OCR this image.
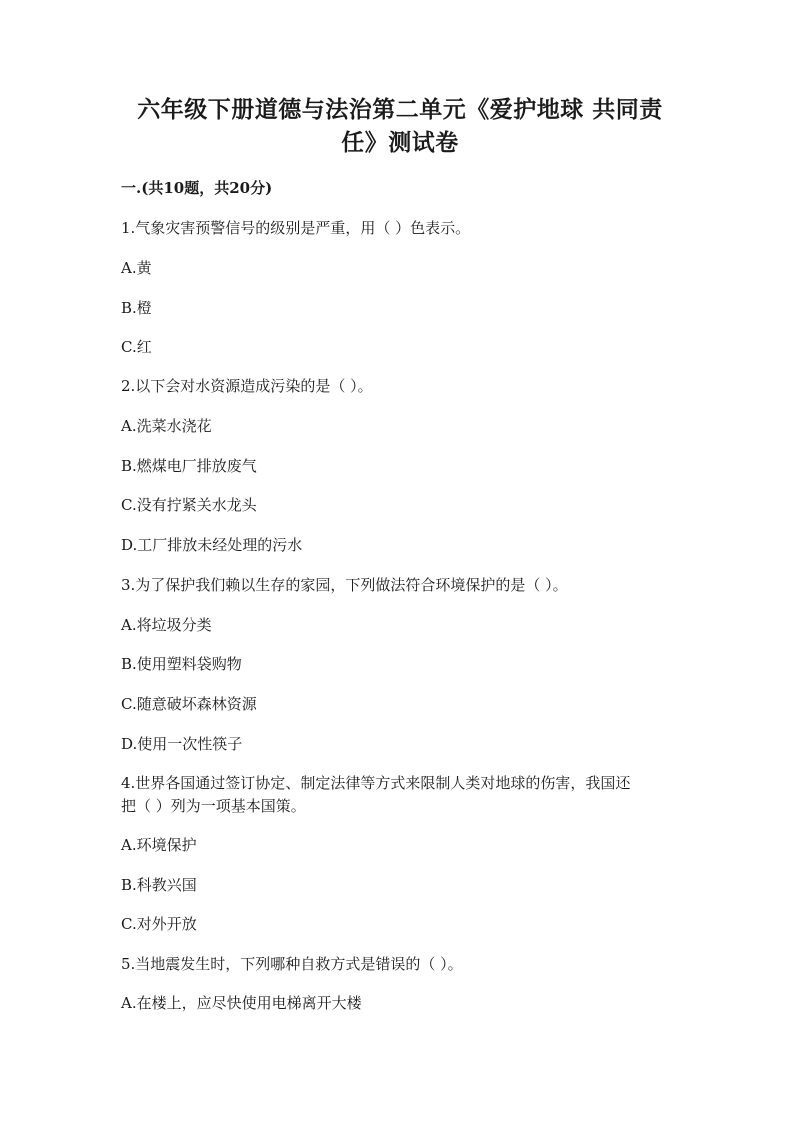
六年级下册道德与法治第二单元《爱护地球 共同责
任》测试卷
一.(共10题，共20分)
1.气象灾害预警信号的级别是严重，用（ ）色表示。
A.黄
B.橙
C.红
2.以下会对水资源造成污染的是（ ）。
A.洗菜水浇花
B.燃煤电厂排放废气
C.没有拧紧关水龙头
D.工厂排放未经处理的污水
3.为了保护我们赖以生存的家园，下列做法符合环境保护的是（ ）。
A.将垃圾分类
B.使用塑料袋购物
C.随意破坏森林资源
D.使用一次性筷子
4.世界各国通过签订协定、制定法律等方式来限制人类对地球的伤害，我国还
把（ ）列为一项基本国策。
A.环境保护
B.科教兴国
C.对外开放
5.当地震发生时，下列哪种自救方式是错误的（ ）。
A.在楼上，应尽快使用电梯离开大楼
